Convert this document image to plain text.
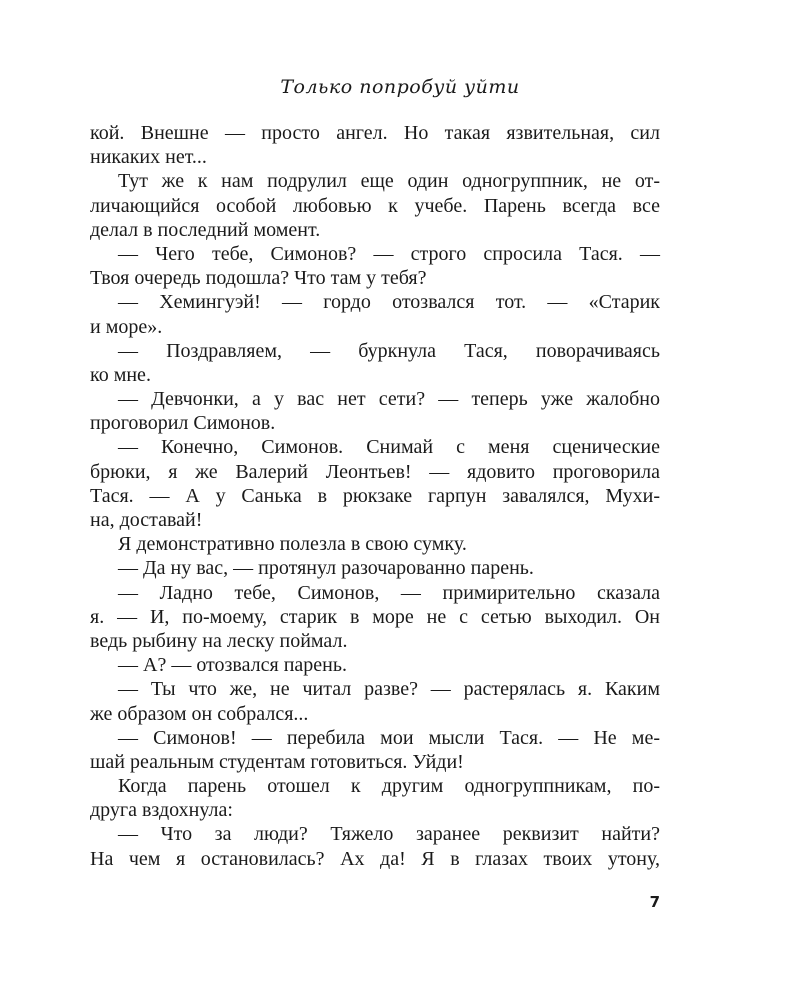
Только попробуй уйти
кой. Внешне — просто ангел. Но такая язвительная, сил
никаких нет...
Тут же к нам подрулил еще один одногруппник, не от-
личающийся особой любовью к учебе. Парень всегда все
делал в последний момент.
— Чего тебе, Симонов? — строго спросила Тася. —
Твоя очередь подошла? Что там у тебя?
— Хемингуэй! — гордо отозвался тот. — «Старик
и море».
— Поздравляем, — буркнула Тася, поворачиваясь
ко мне.
— Девчонки, а у вас нет сети? — теперь уже жалобно
проговорил Симонов.
— Конечно, Симонов. Снимай с меня сценические
брюки, я же Валерий Леонтьев! — ядовито проговорила
Тася. — А у Санька в рюкзаке гарпун завалялся, Мухи-
на, доставай!
Я демонстративно полезла в свою сумку.
— Да ну вас, — протянул разочарованно парень.
— Ладно тебе, Симонов, — примирительно сказала
я. — И, по-моему, старик в море не с сетью выходил. Он
ведь рыбину на леску поймал.
— А? — отозвался парень.
— Ты что же, не читал разве? — растерялась я. Каким
же образом он собрался...
— Симонов! — перебила мои мысли Тася. — Не ме-
шай реальным студентам готовиться. Уйди!
Когда парень отошел к другим одногруппникам, по-
друга вздохнула:
— Что за люди? Тяжело заранее реквизит найти?
На чем я остановилась? Ах да! Я в глазах твоих утону,
7
